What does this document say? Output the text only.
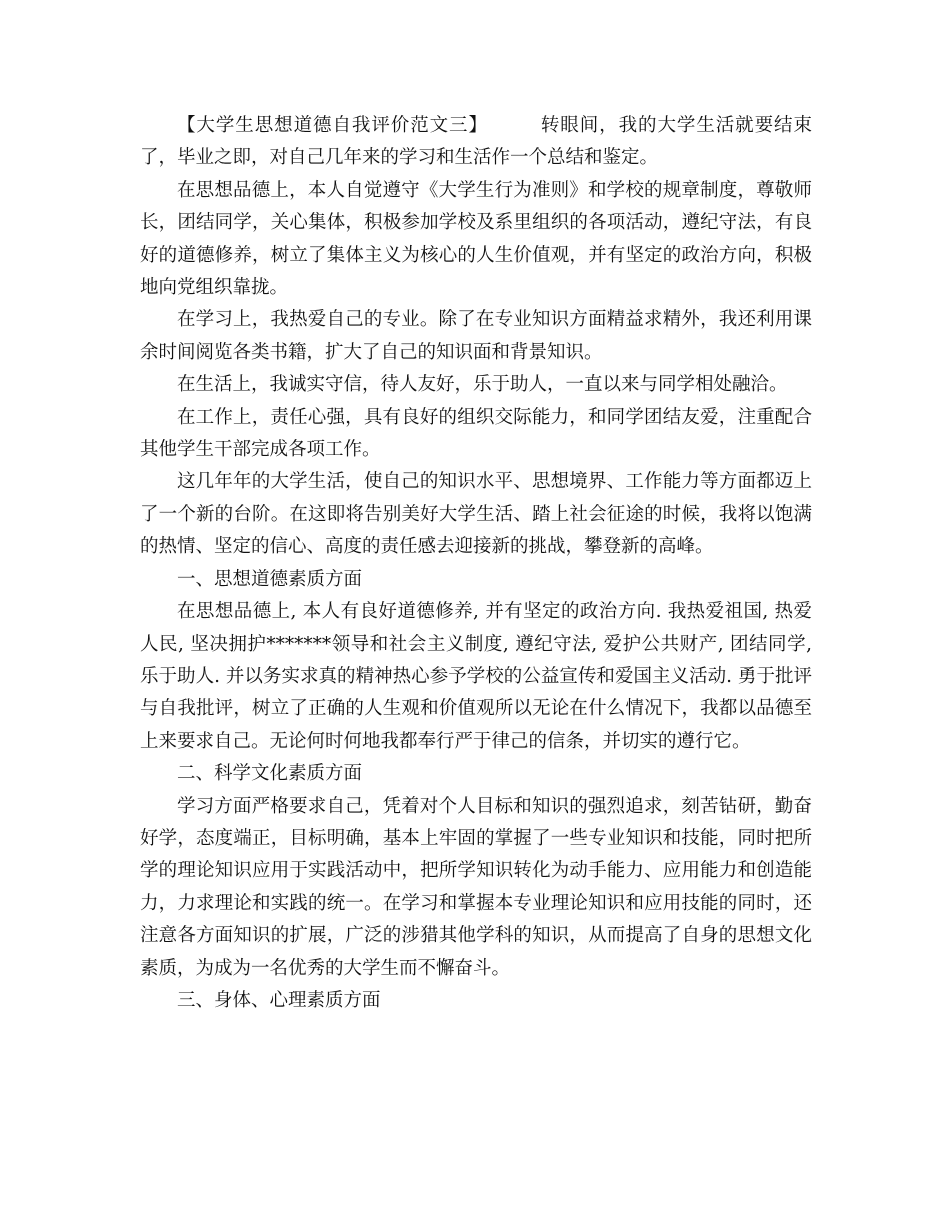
【大学生思想道德自我评价范文三】	转眼间，我的大学生活就要结束了，毕业之即，对自己几年来的学习和生活作一个总结和鉴定。

在思想品德上，本人自觉遵守《大学生行为准则》和学校的规章制度，尊敬师长，团结同学，关心集体，积极参加学校及系里组织的各项活动，遵纪守法，有良好的道德修养，树立了集体主义为核心的人生价值观，并有坚定的政治方向，积极地向党组织靠拢。

在学习上，我热爱自己的专业。除了在专业知识方面精益求精外，我还利用课余时间阅览各类书籍，扩大了自己的知识面和背景知识。

在生活上，我诚实守信，待人友好，乐于助人，一直以来与同学相处融洽。

在工作上，责任心强，具有良好的组织交际能力，和同学团结友爱，注重配合其他学生干部完成各项工作。

这几年年的大学生活，使自己的知识水平、思想境界、工作能力等方面都迈上了一个新的台阶。在这即将告别美好大学生活、踏上社会征途的时候，我将以饱满的热情、坚定的信心、高度的责任感去迎接新的挑战，攀登新的高峰。

一、思想道德素质方面

在思想品德上, 本人有良好道德修养, 并有坚定的政治方向. 我热爱祖国, 热爱人民, 坚决拥护*******领导和社会主义制度, 遵纪守法, 爱护公共财产, 团结同学, 乐于助人. 并以务实求真的精神热心参予学校的公益宣传和爱国主义活动. 勇于批评与自我批评，树立了正确的人生观和价值观所以无论在什么情况下，我都以品德至上来要求自己。无论何时何地我都奉行严于律己的信条，并切实的遵行它。

二、科学文化素质方面

学习方面严格要求自己，凭着对个人目标和知识的强烈追求，刻苦钻研，勤奋好学，态度端正，目标明确，基本上牢固的掌握了一些专业知识和技能，同时把所学的理论知识应用于实践活动中，把所学知识转化为动手能力、应用能力和创造能力，力求理论和实践的统一。在学习和掌握本专业理论知识和应用技能的同时，还注意各方面知识的扩展，广泛的涉猎其他学科的知识，从而提高了自身的思想文化素质，为成为一名优秀的大学生而不懈奋斗。

三、身体、心理素质方面
